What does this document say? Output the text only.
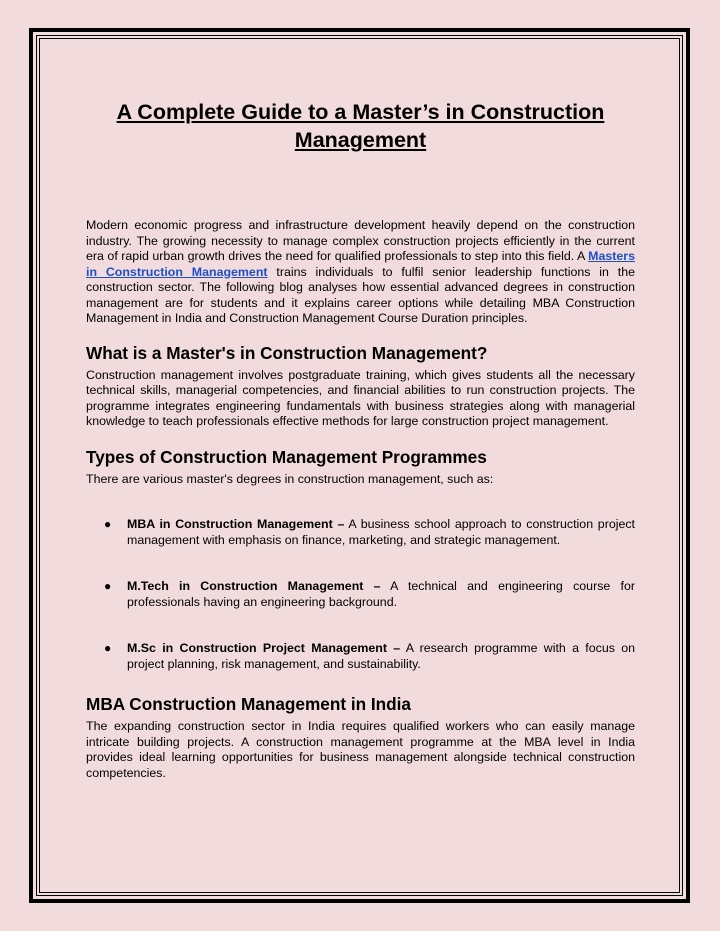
A Complete Guide to a Master’s in Construction Management

Modern economic progress and infrastructure development heavily depend on the construction industry. The growing necessity to manage complex construction projects efficiently in the current era of rapid urban growth drives the need for qualified professionals to step into this field. A Masters in Construction Management trains individuals to fulfil senior leadership functions in the construction sector. The following blog analyses how essential advanced degrees in construction management are for students and it explains career options while detailing MBA Construction Management in India and Construction Management Course Duration principles.

What is a Master's in Construction Management?

Construction management involves postgraduate training, which gives students all the necessary technical skills, managerial competencies, and financial abilities to run construction projects. The programme integrates engineering fundamentals with business strategies along with managerial knowledge to teach professionals effective methods for large construction project management.

Types of Construction Management Programmes

There are various master's degrees in construction management, such as:

● MBA in Construction Management – A business school approach to construction project management with emphasis on finance, marketing, and strategic management.
● M.Tech in Construction Management – A technical and engineering course for professionals having an engineering background.
● M.Sc in Construction Project Management – A research programme with a focus on project planning, risk management, and sustainability.
MBA Construction Management in India

The expanding construction sector in India requires qualified workers who can easily manage intricate building projects. A construction management programme at the MBA level in India provides ideal learning opportunities for business management alongside technical construction competencies.
